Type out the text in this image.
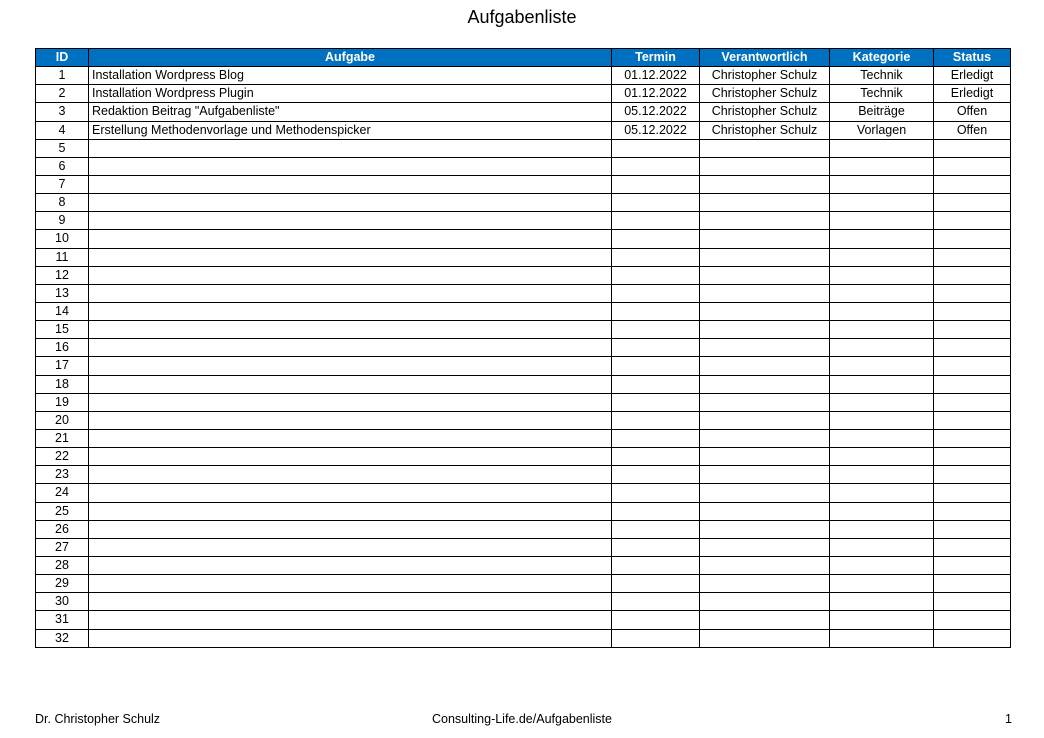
Aufgabenliste
ID	Aufgabe	Termin	Verantwortlich	Kategorie	Status
1	Installation Wordpress Blog	01.12.2022	Christopher Schulz	Technik	Erledigt
2	Installation Wordpress Plugin	01.12.2022	Christopher Schulz	Technik	Erledigt
3	Redaktion Beitrag "Aufgabenliste"	05.12.2022	Christopher Schulz	Beiträge	Offen
4	Erstellung Methodenvorlage und Methodenspicker	05.12.2022	Christopher Schulz	Vorlagen	Offen
5					
6					
7					
8					
9					
10					
11					
12					
13					
14					
15					
16					
17					
18					
19					
20					
21					
22					
23					
24					
25					
26					
27					
28					
29					
30					
31					
32					
Dr. Christopher Schulz	Consulting-Life.de/Aufgabenliste	1
